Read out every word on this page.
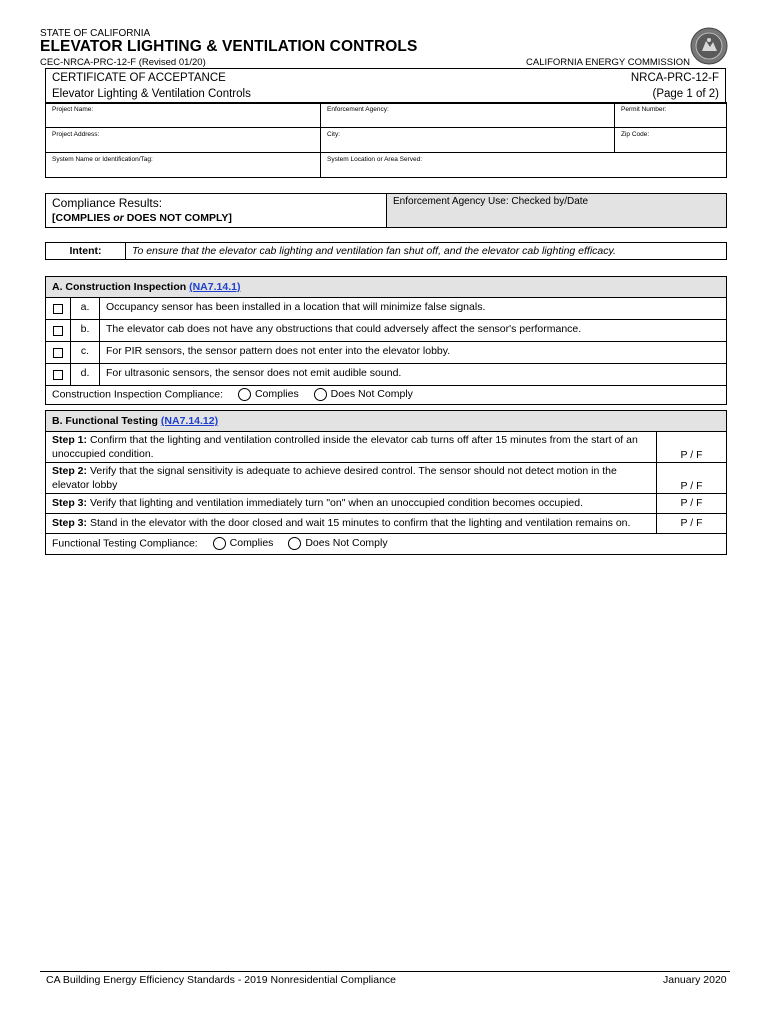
STATE OF CALIFORNIA
ELEVATOR LIGHTING & VENTILATION CONTROLS
CEC-NRCA-PRC-12-F (Revised 01/20)	CALIFORNIA ENERGY COMMISSION
CERTIFICATE OF ACCEPTANCE	NRCA-PRC-12-F
Elevator Lighting & Ventilation Controls	(Page 1 of 2)
Project Name:	Enforcement Agency:	Permit Number:
Project Address:	City:	Zip Code:
System Name or Identification/Tag:	System Location or Area Served:	
Compliance Results:
[COMPLIES or DOES NOT COMPLY]
	Enforcement Agency Use: Checked by/Date
Intent:	To ensure that the elevator cab lighting and ventilation fan shut off, and the elevator cab lighting efficacy.
A. Construction Inspection (NA7.14.1)		
	a.	Occupancy sensor has been installed in a location that will minimize false signals.
	b.	The elevator cab does not have any obstructions that could adversely affect the sensor's performance.
	c.	For PIR sensors, the sensor pattern does not enter into the elevator lobby.
	d.	For ultrasonic sensors, the sensor does not emit audible sound.
Construction Inspection Compliance: Complies Does Not Comply		
B. Functional Testing (NA7.14.12)	
Step 1: Confirm that the lighting and ventilation controlled inside the elevator cab turns off after 15 minutes from the start of an unoccupied condition.	P / F
Step 2: Verify that the signal sensitivity is adequate to achieve desired control. The sensor should not detect motion in the elevator lobby	P / F
Step 3: Verify that lighting and ventilation immediately turn "on" when an unoccupied condition becomes occupied.	P / F
Step 3: Stand in the elevator with the door closed and wait 15 minutes to confirm that the lighting and ventilation remains on.	P / F
Functional Testing Compliance: Complies Does Not Comply	
CA Building Energy Efficiency Standards - 2019 Nonresidential Compliance	January 2020
